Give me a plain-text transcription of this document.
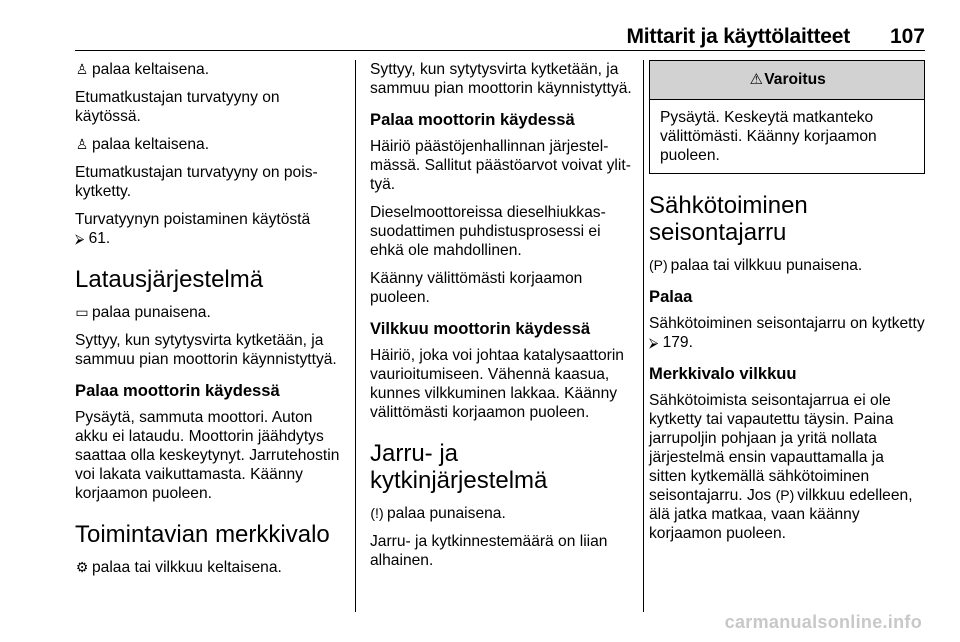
Mittarit ja käyttölaitteet 107

♙ palaa keltaisena.

Etumatkustajan turvatyyny on käytössä.

♙ palaa keltaisena.

Etumatkustajan turvatyyny on poiskytketty.

Turvatyynyn poistaminen käytöstä
⮚ 61.

Latausjärjestelmä

▭ palaa punaisena.

Syttyy, kun sytytysvirta kytketään, ja sammuu pian moottorin käynnistyttyä.

Palaa moottorin käydessä

Pysäytä, sammuta moottori. Auton akku ei lataudu. Moottorin jäähdytys saattaa olla keskeytynyt. Jarrutehostin voi lakata vaikuttamasta. Käänny korjaamon puoleen.

Toimintavian merkkivalo

⚙ palaa tai vilkkuu keltaisena.

Syttyy, kun sytytysvirta kytketään, ja sammuu pian moottorin käynnistyttyä.

Palaa moottorin käydessä

Häiriö päästöjenhallinnan järjestelmässä. Sallitut päästöarvot voivat ylittyä.

Dieselmoottoreissa dieselhiukkassuodattimen puhdistusprosessi ei ehkä ole mahdollinen.

Käänny välittömästi korjaamon puoleen.

Vilkkuu moottorin käydessä

Häiriö, joka voi johtaa katalysaattorin vaurioitumiseen. Vähennä kaasua, kunnes vilkkuminen lakkaa. Käänny välittömästi korjaamon puoleen.

Jarru- ja kytkinjärjestelmä

(!) palaa punaisena.

Jarru- ja kytkinnestemäärä on liian alhainen.

⚠Varoitus

Pysäytä. Keskeytä matkanteko välittömästi. Käänny korjaamon puoleen.

Sähkötoiminen seisontajarru

(P) palaa tai vilkkuu punaisena.

Palaa

Sähkötoiminen seisontajarru on kytketty ⮚ 179.

Merkkivalo vilkkuu

Sähkötoimista seisontajarrua ei ole kytketty tai vapautettu täysin. Paina jarrupoljin pohjaan ja yritä nollata järjestelmä ensin vapauttamalla ja sitten kytkemällä sähkötoiminen seisontajarru. Jos (P) vilkkuu edelleen, älä jatka matkaa, vaan käänny korjaamon puoleen.

carmanualsonline.info
